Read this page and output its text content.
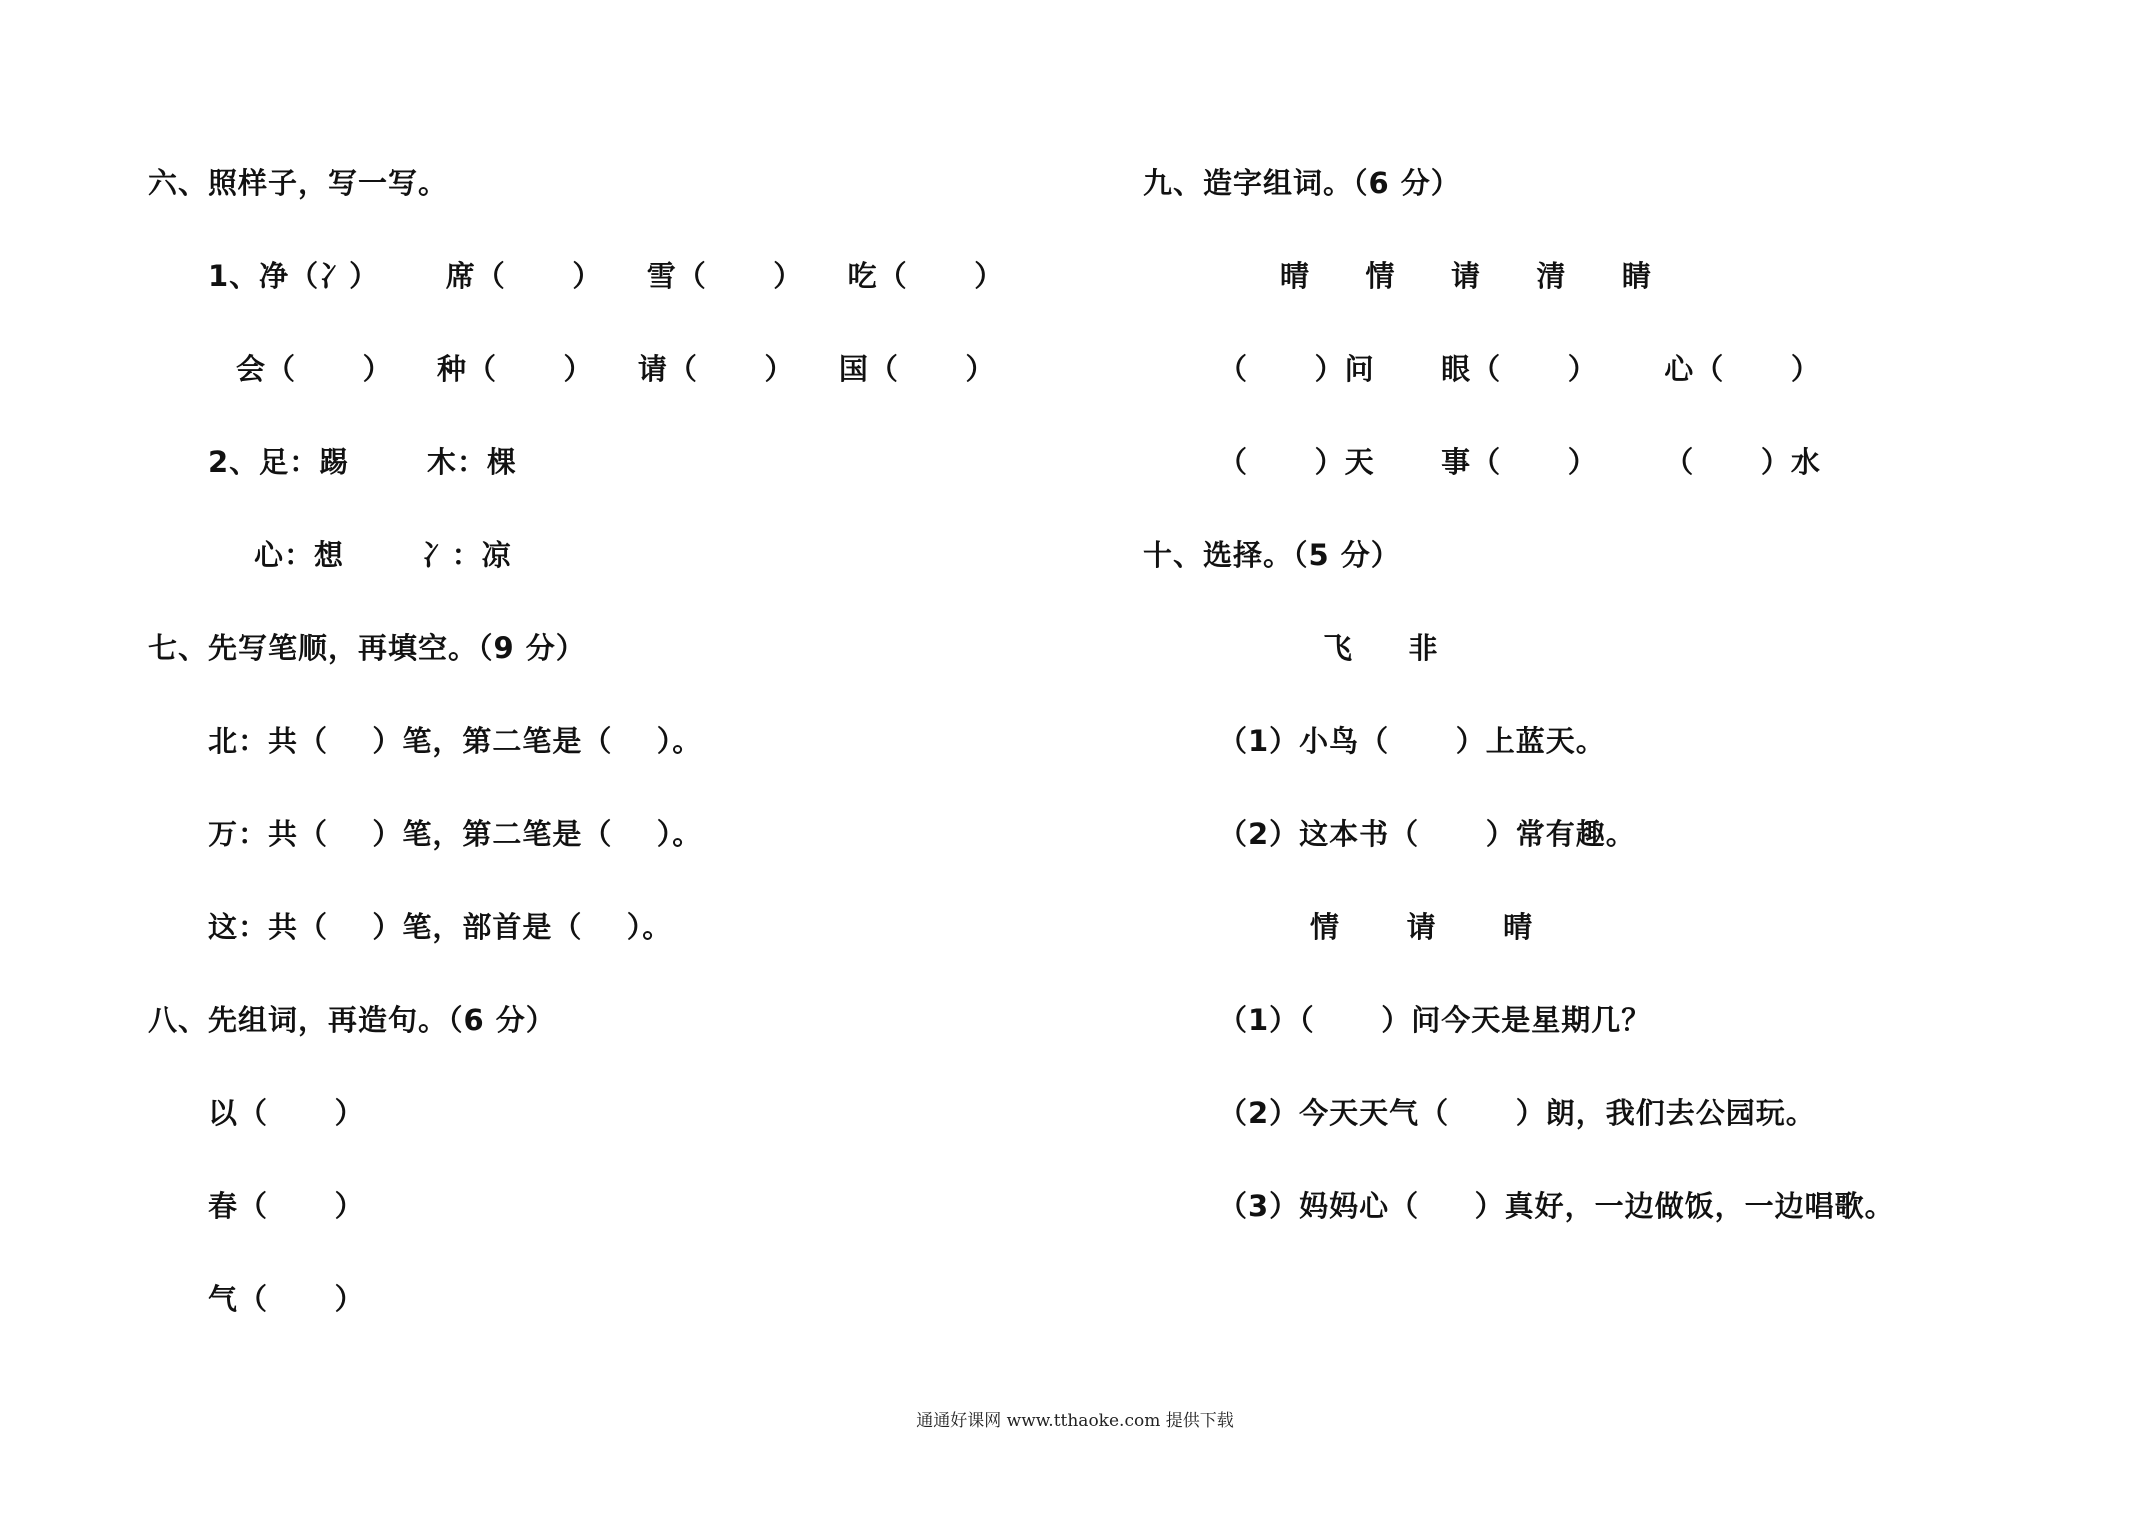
六、照样子，写一写。
1、净（冫）      席（      ）    雪（      ）    吃（      ）
会（      ）    种（      ）    请（      ）    国（      ）
2、足：踢       木：棵
心：想       冫：凉
七、先写笔顺，再填空。（9 分）
北：共（    ）笔，第二笔是（    ）。
万：共（    ）笔，第二笔是（    ）。
这：共（    ）笔，部首是（    ）。
八、先组词，再造句。（6 分）
以（      ）
春（      ）
气（      ）
九、造字组词。（6 分）
晴     情     请     清     睛
（      ）问      眼（      ）      心（      ）
（      ）天      事（      ）      （      ）水
十、选择。（5 分）
飞     非
（1）小鸟（      ）上蓝天。
（2）这本书（      ）常有趣。
情      请      晴
（1）（      ）问今天是星期几？
（2）今天天气（      ）朗，我们去公园玩。
（3）妈妈心（     ）真好，一边做饭，一边唱歌。
通通好课网 www.tthaoke.com 提供下载
